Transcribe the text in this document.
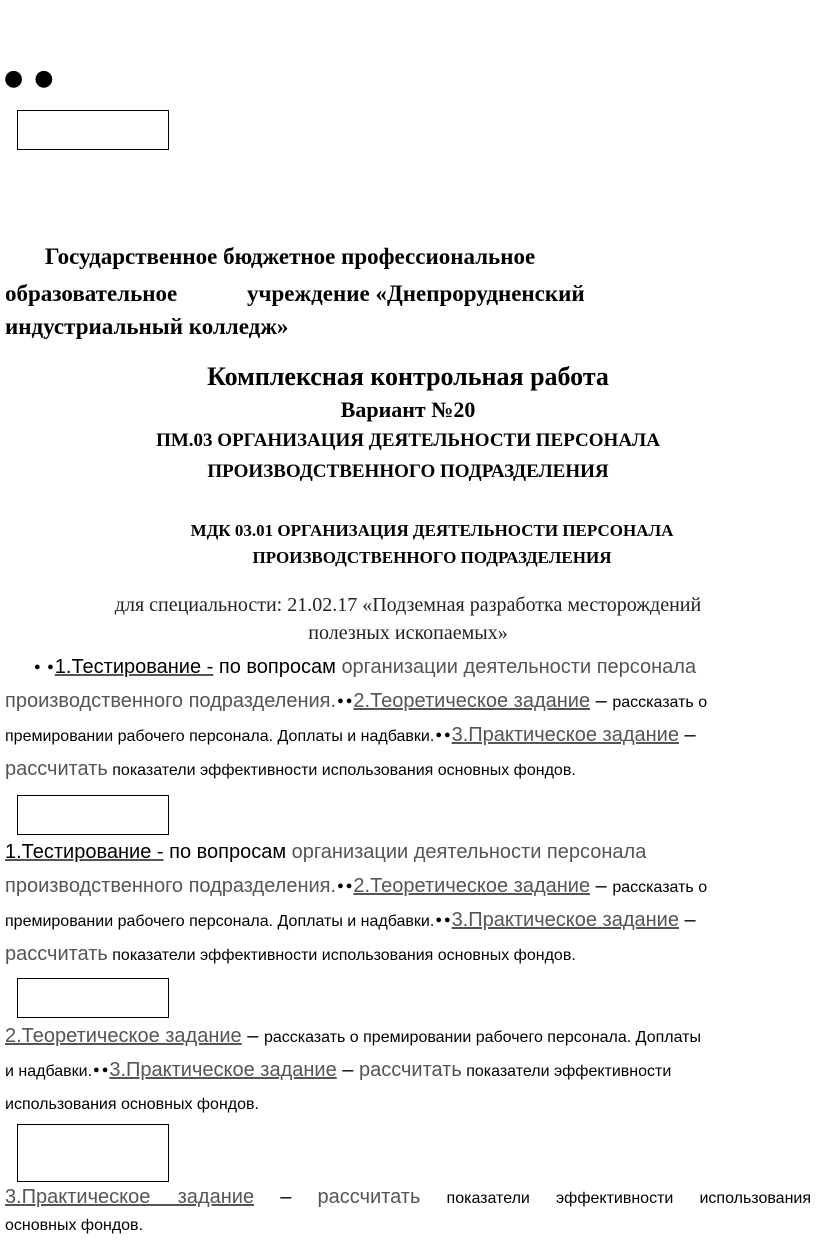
● ●
Государственное бюджетное профессиональное
образовательное	учреждение «Днепрорудненский
индустриальный колледж»
Комплексная контрольная работа
Вариант №20
ПМ.03 ОРГАНИЗАЦИЯ ДЕЯТЕЛЬНОСТИ ПЕРСОНАЛА
ПРОИЗВОДСТВЕННОГО ПОДРАЗДЕЛЕНИЯ
МДК 03.01 ОРГАНИЗАЦИЯ ДЕЯТЕЛЬНОСТИ ПЕРСОНАЛА
ПРОИЗВОДСТВЕННОГО ПОДРАЗДЕЛЕНИЯ
для специальности: 21.02.17 «Подземная разработка месторождений
полезных ископаемых»
● ●1.Тестирование - по вопросам организации деятельности персонала
производственного подразделения.● ●2.Теоретическое задание – рассказать о
премировании рабочего персонала. Доплаты и надбавки.● ●3.Практическое задание –
рассчитать показатели эффективности использования основных фондов.
1.Тестирование - по вопросам организации деятельности персонала
производственного подразделения.● ●2.Теоретическое задание – рассказать о
премировании рабочего персонала. Доплаты и надбавки.● ●3.Практическое задание –
рассчитать показатели эффективности использования основных фондов.
2.Теоретическое задание – рассказать о премировании рабочего персонала. Доплаты
и надбавки.● ●3.Практическое задание – рассчитать показатели эффективности
использования основных фондов.
3.Практическое задание – рассчитать показатели эффективности использования
основных фондов.
